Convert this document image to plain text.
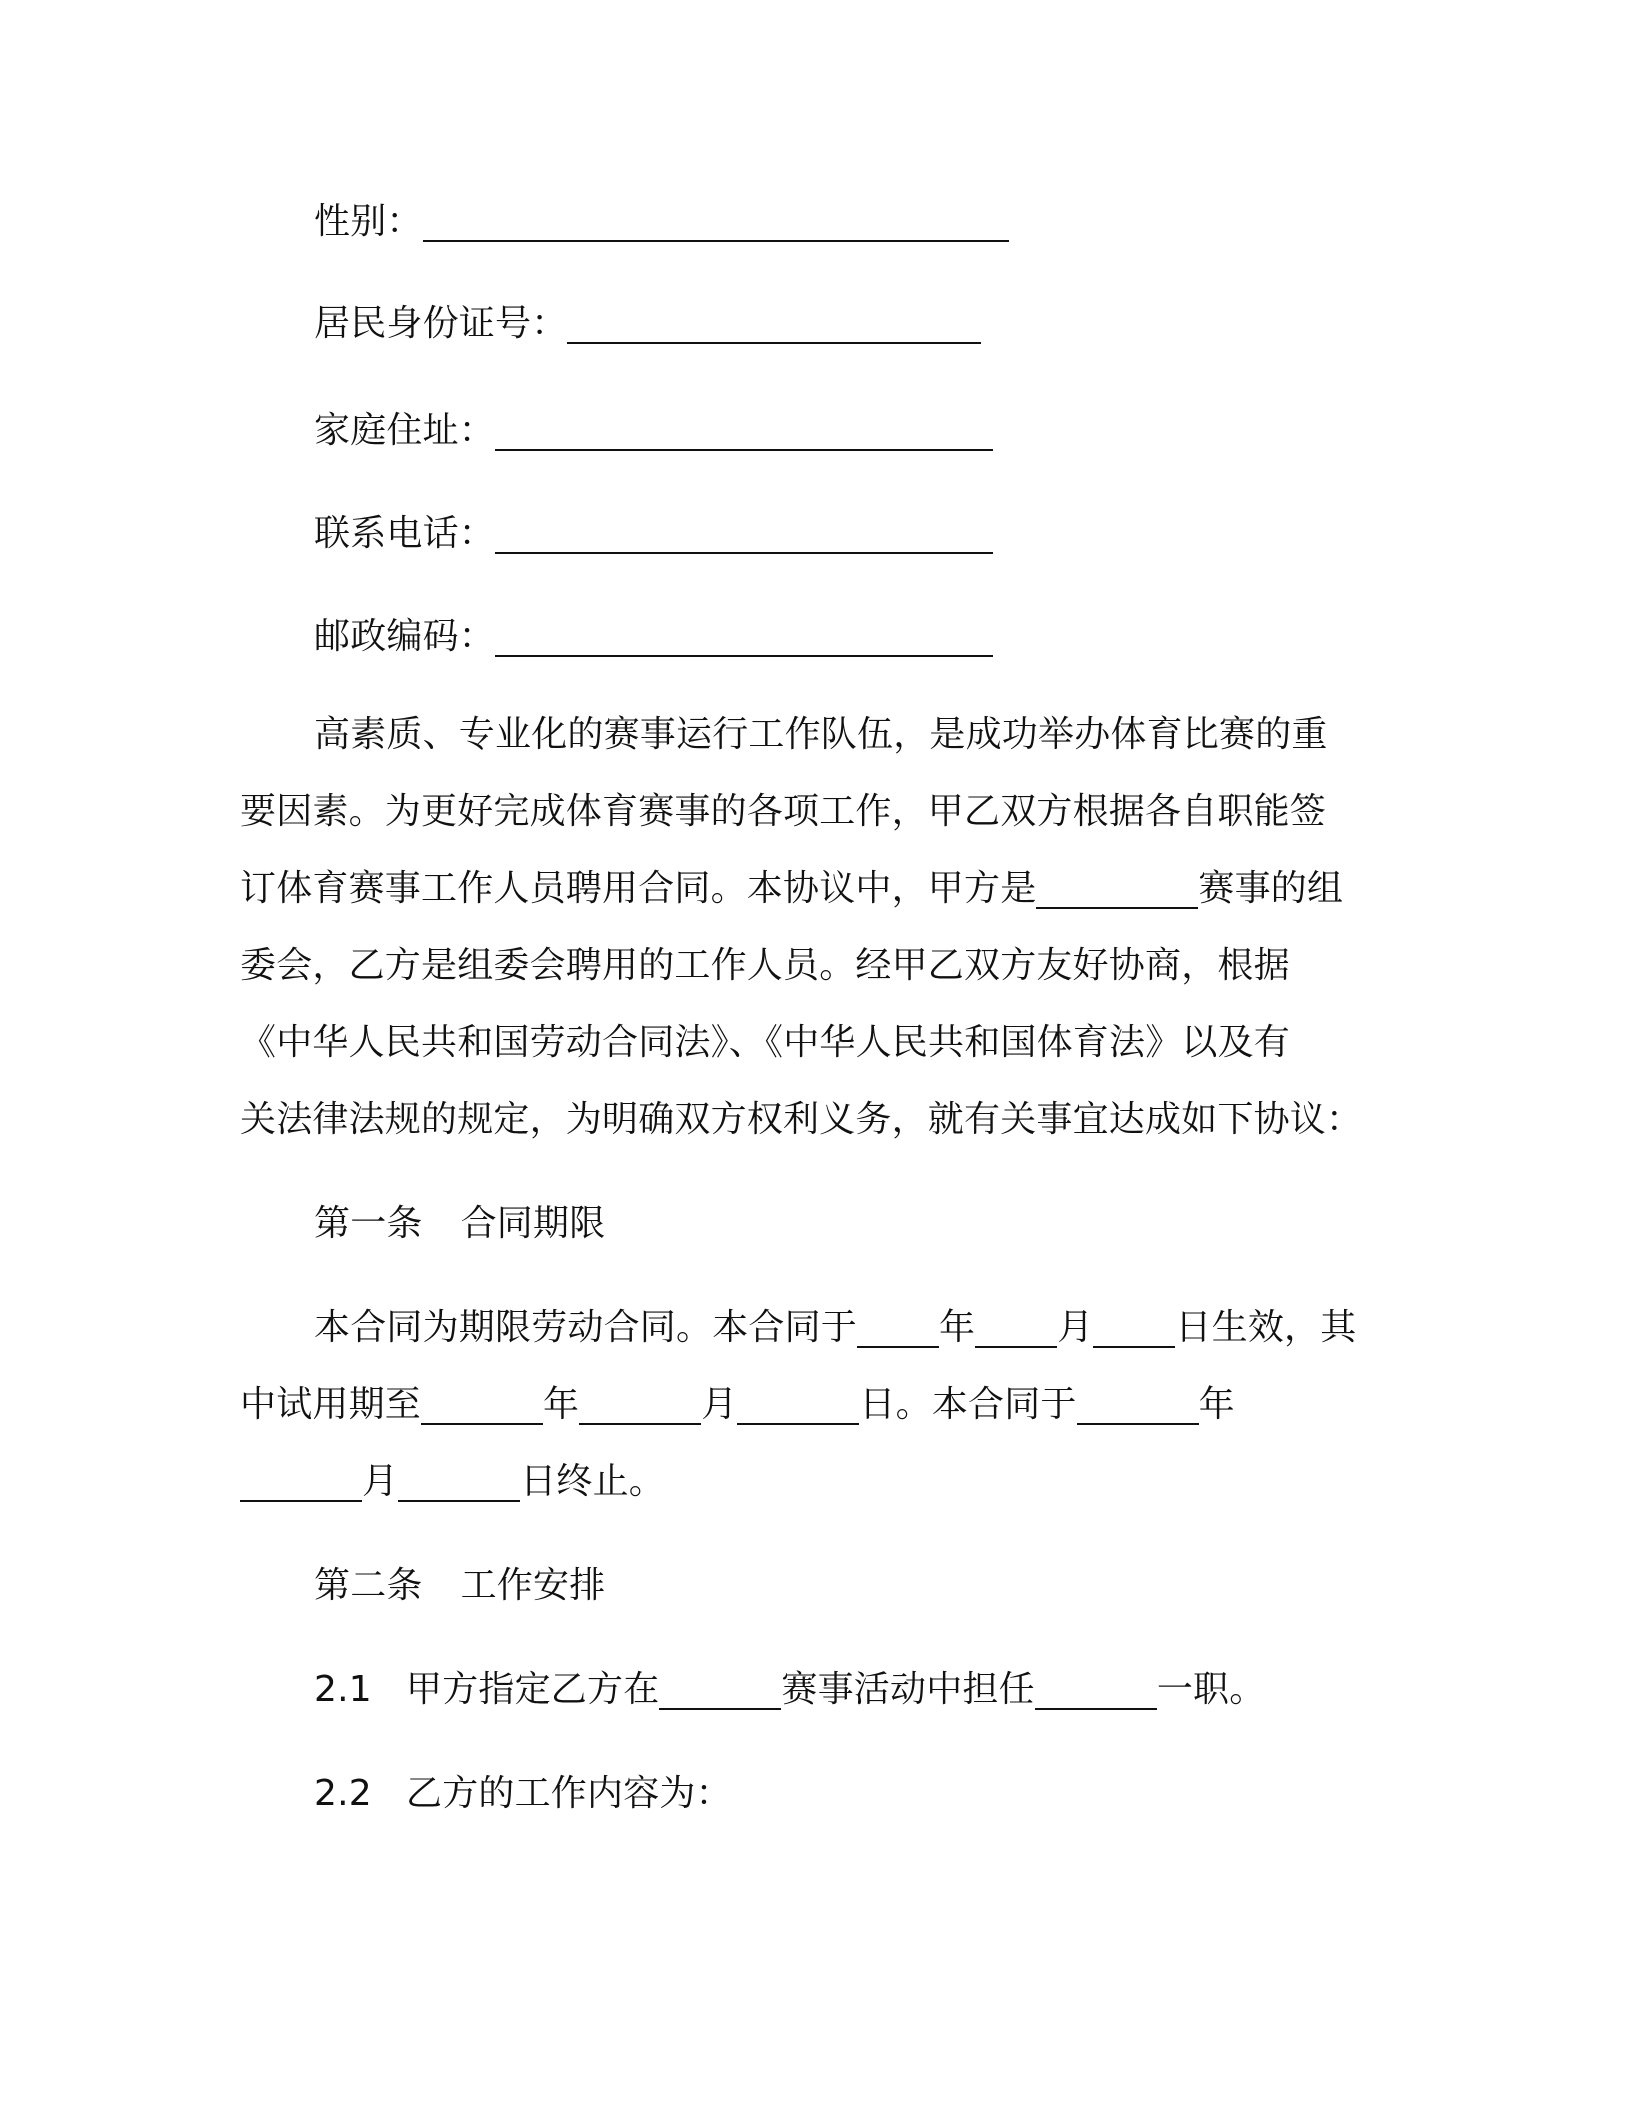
性别：
居民身份证号：
家庭住址：
联系电话：
邮政编码：
高素质、专业化的赛事运行工作队伍，是成功举办体育比赛的重
要因素。为更好完成体育赛事的各项工作，甲乙双方根据各自职能签
订体育赛事工作人员聘用合同。本协议中，甲方是	赛事的组
委会，乙方是组委会聘用的工作人员。经甲乙双方友好协商，根据
《中华人民共和国劳动合同法》、《中华人民共和国体育法》以及有
关法律法规的规定，为明确双方权利义务，就有关事宜达成如下协议：
第一条 合同期限
本合同为期限劳动合同。本合同于 年 月 日生效，其
中试用期至	年	月	日。本合同于	年
月	日终止。
第二条 工作安排
2.1 甲方指定乙方在	赛事活动中担任	一职。
2.2 乙方的工作内容为：
